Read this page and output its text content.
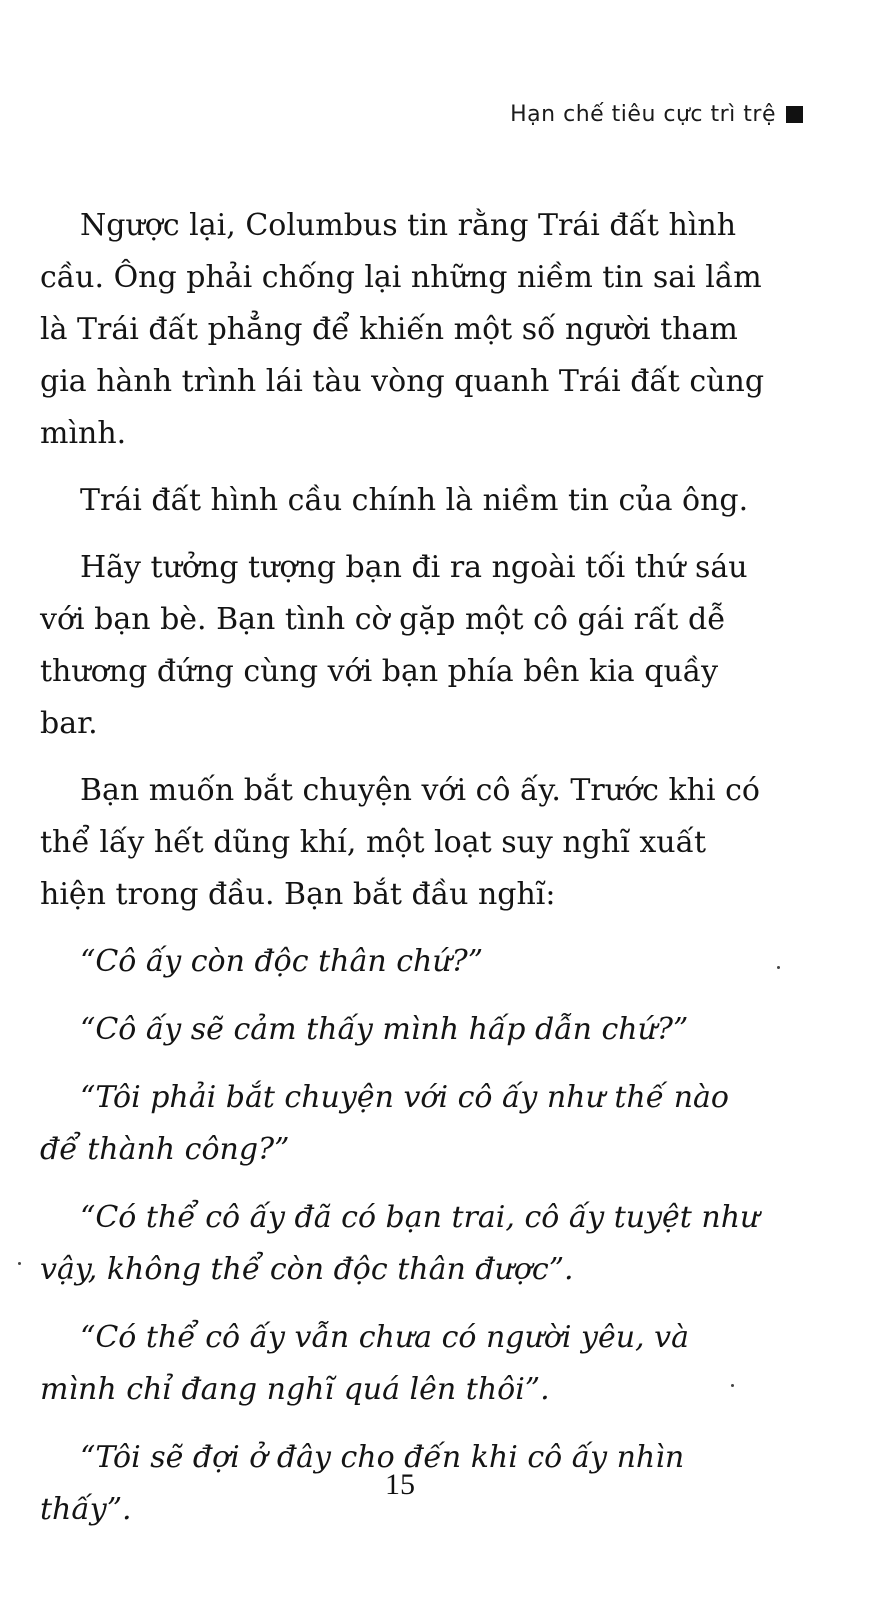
Hạn chế tiêu cực trì trệ

Ngược lại, Columbus tin rằng Trái đất hình cầu. Ông phải chống lại những niềm tin sai lầm là Trái đất phẳng để khiến một số người tham gia hành trình lái tàu vòng quanh Trái đất cùng mình.

Trái đất hình cầu chính là niềm tin của ông.

Hãy tưởng tượng bạn đi ra ngoài tối thứ sáu với bạn bè. Bạn tình cờ gặp một cô gái rất dễ thương đứng cùng với bạn phía bên kia quầy bar.

Bạn muốn bắt chuyện với cô ấy. Trước khi có thể lấy hết dũng khí, một loạt suy nghĩ xuất hiện trong đầu. Bạn bắt đầu nghĩ:

“Cô ấy còn độc thân chứ?”

“Cô ấy sẽ cảm thấy mình hấp dẫn chứ?”

“Tôi phải bắt chuyện với cô ấy như thế nào để thành công?”

“Có thể cô ấy đã có bạn trai, cô ấy tuyệt như vậy, không thể còn độc thân được”.

“Có thể cô ấy vẫn chưa có người yêu, và mình chỉ đang nghĩ quá lên thôi”.

“Tôi sẽ đợi ở đây cho đến khi cô ấy nhìn thấy”.

15
